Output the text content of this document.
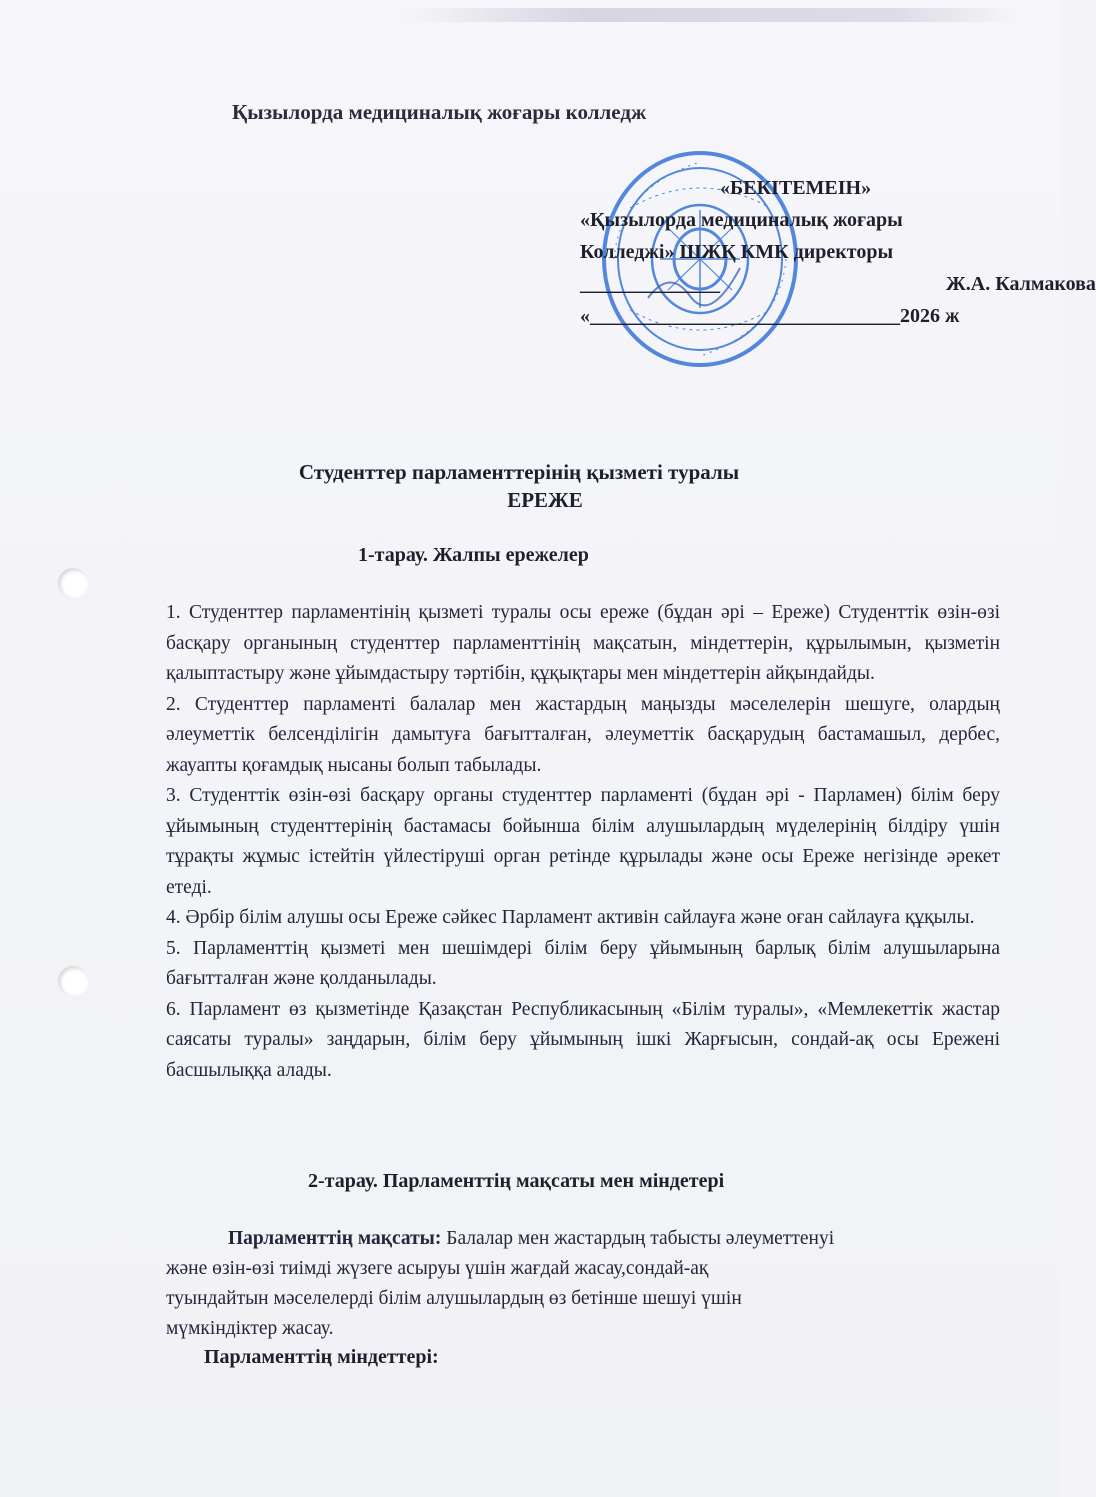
Қызылорда медициналық жоғары колледж
«БЕКІТЕМЕІН»
«Қызылорда медициналық жоғары
Колледжі» ШЖҚ КМК директоры
______________	Ж.А. Калмакова
«_______________________________2026 ж
Студенттер парламенттерінің қызметі туралы
ЕРЕЖЕ
1-тарау. Жалпы ережелер

1. Студенттер парламентінің қызметі туралы осы ереже (бұдан әрі – Ереже) Студенттік өзін-өзі басқару органының студенттер парламенттінің мақсатын, міндеттерін, құрылымын, қызметін қалыптастыру және ұйымдастыру тәртібін, құқықтары мен міндеттерін айқындайды.

2. Студенттер парламенті балалар мен жастардың маңызды мәселелерін шешуге, олардың әлеуметтік белсенділігін дамытуға бағытталған, әлеуметтік басқарудың бастамашыл, дербес, жауапты қоғамдық нысаны болып табылады.

3. Студенттік өзін-өзі басқару органы студенттер парламенті (бұдан әрі - Парламен) білім беру ұйымының студенттерінің бастамасы бойынша білім алушылардың мүделерінің білдіру үшін тұрақты жұмыс істейтін үйлестіруші орган ретінде құрылады және осы Ереже негізінде әрекет етеді.

4. Әрбір білім алушы осы Ереже сәйкес Парламент активін сайлауға және оған сайлауға құқылы.

5. Парламенттің қызметі мен шешімдері білім беру ұйымының барлық білім алушыларына бағытталған және қолданылады.

6. Парламент өз қызметінде Қазақстан Республикасының «Білім туралы», «Мемлекеттік жастар саясаты туралы» заңдарын, білім беру ұйымының ішкі Жарғысын, сондай-ақ осы Ережені басшылыққа алады.

2-тарау. Парламенттің мақсаты мен міндетері

Парламенттің мақсаты: Балалар мен жастардың табысты әлеуметтенуі

және өзін-өзі тиімді жүзеге асыруы үшін жағдай жасау,сондай-ақ

туындайтын мәселелерді білім алушылардың өз бетінше шешуі үшін

мүмкіндіктер жасау.

Парламенттің міндеттері:
